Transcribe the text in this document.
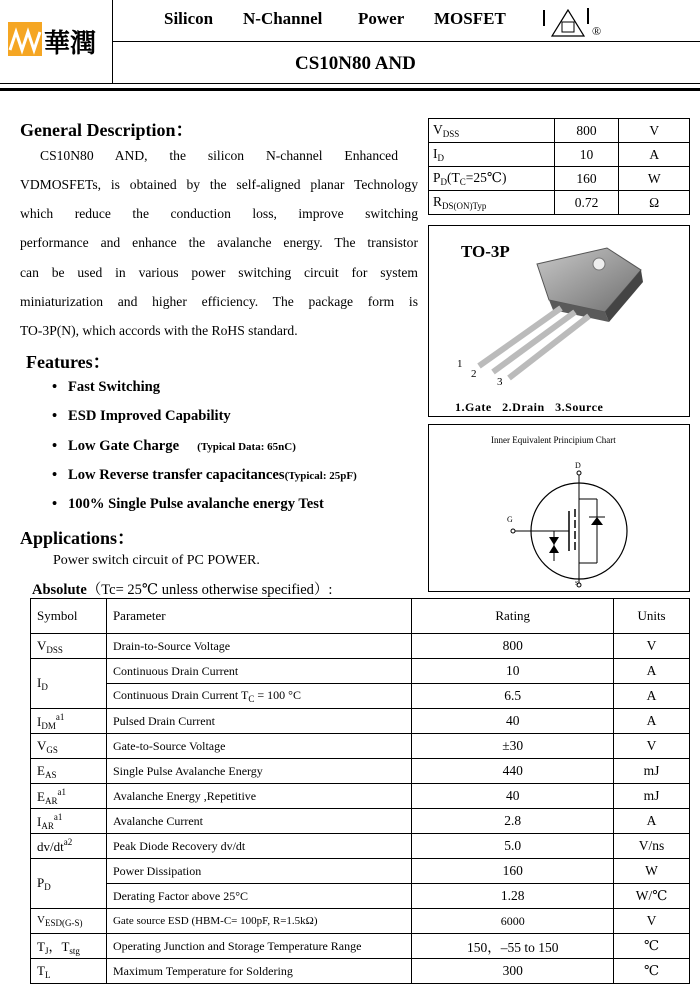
華潤
Silicon N-Channel Power MOSFET
®
CS10N80 AND
General Description：
CS10N80 AND, the silicon N-channel Enhanced
VDMOSFETs, is obtained by the self-aligned planar Technology
which reduce the conduction loss, improve switching
performance and enhance the avalanche energy. The transistor
can be used in various power switching circuit for system
miniaturization and higher efficiency. The package form is
TO-3P(N), which accords with the RoHS standard.
$V_{DSS}$	800	V
$I_D$	10	A
$P_D(T_C=25℃)$	160	W
$R_{DS(ON)Typ}$	0.72	Ω
TO-3P
1
2
3
1.Gate   2.Drain   3.Source
Inner Equivalent Principium Chart
D
G
S
Features：
• Fast Switching
• ESD Improved Capability
• Low Gate Charge (Typical Data: 65nC)
• Low Reverse transfer capacitances(Typical: 25pF)
• 100% Single Pulse avalanche energy Test
Applications：
Power switch circuit of PC POWER.
Absolute（Tc= 25℃ unless otherwise specified）:
Symbol	Parameter	Rating	Units
$V_{DSS}$	Drain-to-Source Voltage	800	V
$I_D$	Continuous Drain Current	10	A
	Continuous Drain Current $T_C = 100$ °C	6.5	A
$I_{DM}^{a1}$	Pulsed Drain Current	40	A
$V_{GS}$	Gate-to-Source Voltage	±30	V
$E_{AS}$	Single Pulse Avalanche Energy	440	mJ
$E_{AR}^{a1}$	Avalanche Energy ,Repetitive	40	mJ
$I_{AR}^{a1}$	Avalanche Current	2.8	A
$dv/dt^{a2}$	Peak Diode Recovery dv/dt	5.0	V/ns
$P_D$	Power Dissipation	160	W
	Derating Factor above 25°C	1.28	W/℃
$V_{ESD(G-S)}$	Gate source ESD (HBM-C= 100pF, R=1.5kΩ)	6000	V
$T_J$，$T_{stg}$	Operating Junction and Storage Temperature Range	150，–55 to 150	℃
$T_L$	Maximum Temperature for Soldering	300	℃
